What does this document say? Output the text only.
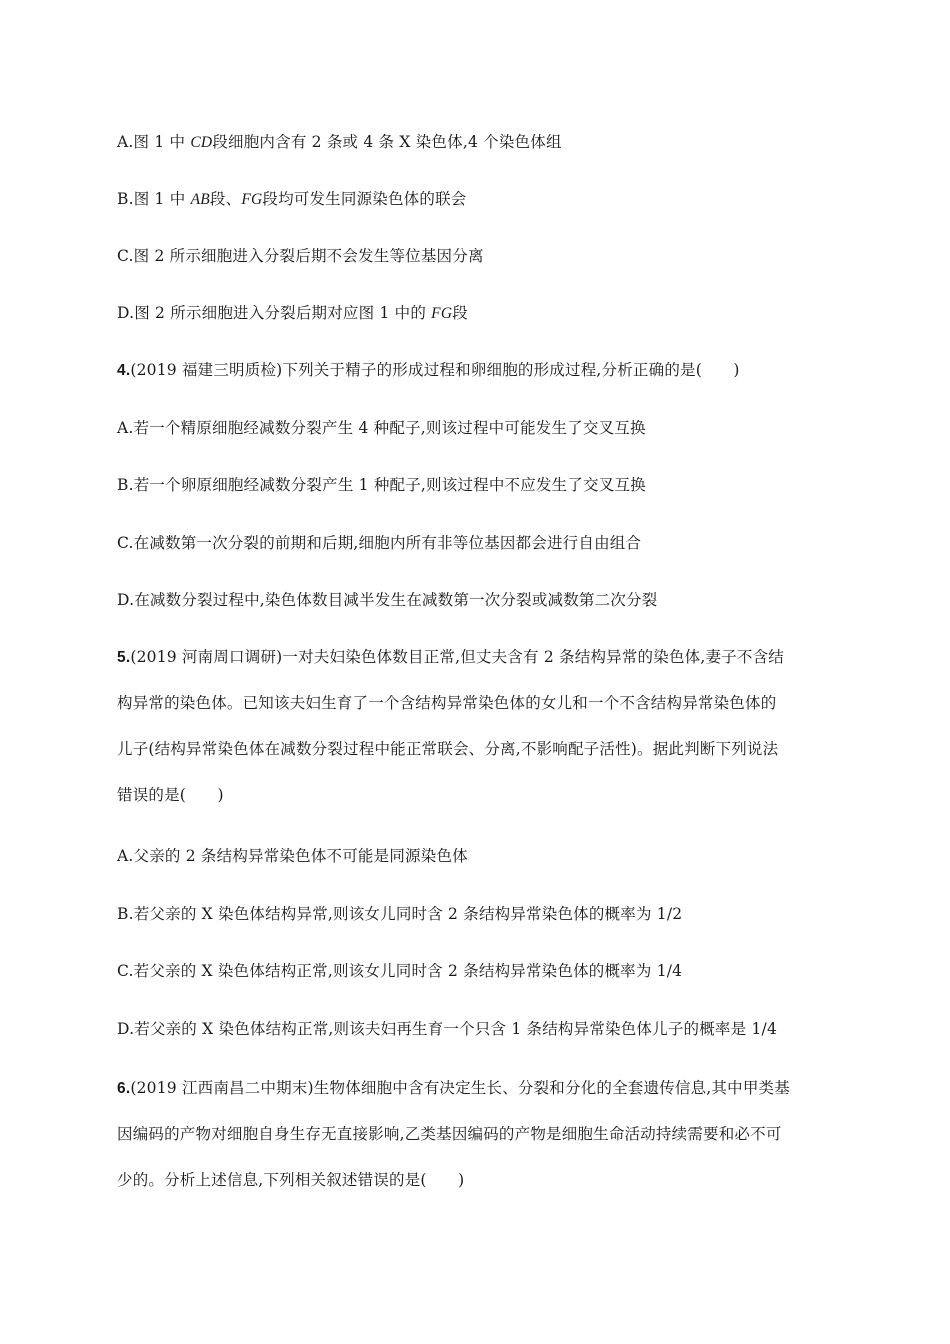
A.图 1 中 CD段细胞内含有 2 条或 4 条 X 染色体,4 个染色体组
B.图 1 中 AB段、FG段均可发生同源染色体的联会
C.图 2 所示细胞进入分裂后期不会发生等位基因分离
D.图 2 所示细胞进入分裂后期对应图 1 中的 FG段
4.(2019 福建三明质检)下列关于精子的形成过程和卵细胞的形成过程,分析正确的是(　　)
A.若一个精原细胞经减数分裂产生 4 种配子,则该过程中可能发生了交叉互换
B.若一个卵原细胞经减数分裂产生 1 种配子,则该过程中不应发生了交叉互换
C.在减数第一次分裂的前期和后期,细胞内所有非等位基因都会进行自由组合
D.在减数分裂过程中,染色体数目减半发生在减数第一次分裂或减数第二次分裂
5.(2019 河南周口调研)一对夫妇染色体数目正常,但丈夫含有 2 条结构异常的染色体,妻子不含结
构异常的染色体。已知该夫妇生育了一个含结构异常染色体的女儿和一个不含结构异常染色体的
儿子(结构异常染色体在减数分裂过程中能正常联会、分离,不影响配子活性)。据此判断下列说法
错误的是(　　)
A.父亲的 2 条结构异常染色体不可能是同源染色体
B.若父亲的 X 染色体结构异常,则该女儿同时含 2 条结构异常染色体的概率为 1/2
C.若父亲的 X 染色体结构正常,则该女儿同时含 2 条结构异常染色体的概率为 1/4
D.若父亲的 X 染色体结构正常,则该夫妇再生育一个只含 1 条结构异常染色体儿子的概率是 1/4
6.(2019 江西南昌二中期末)生物体细胞中含有决定生长、分裂和分化的全套遗传信息,其中甲类基
因编码的产物对细胞自身生存无直接影响,乙类基因编码的产物是细胞生命活动持续需要和必不可
少的。分析上述信息,下列相关叙述错误的是(　　)
